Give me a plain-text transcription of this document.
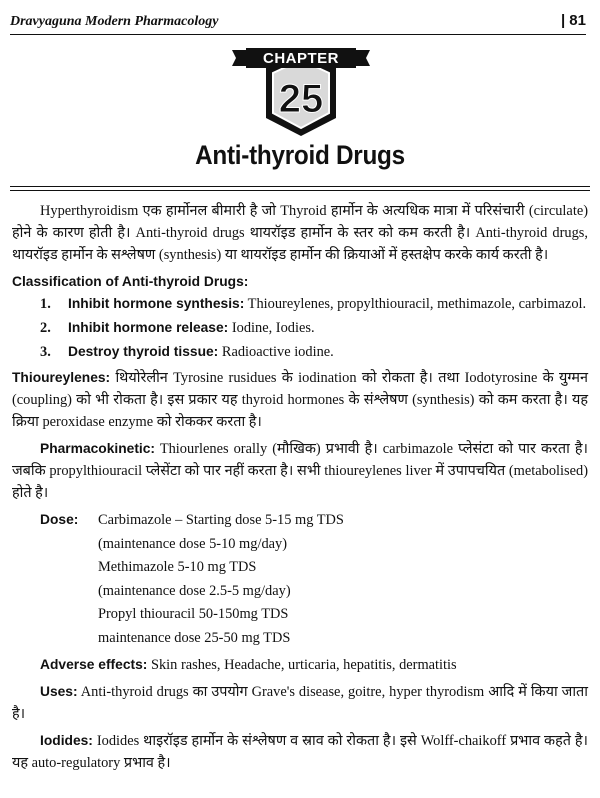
Dravyaguna Modern Pharmacology	| 81
CHAPTER
25
Anti-thyroid Drugs

Hyperthyroidism एक हार्मोनल बीमारी है जो Thyroid हार्मोन के अत्यधिक मात्रा में परिसंचारी (circulate) होने के कारण होती है। Anti-thyroid drugs थायरॉइड हार्मोन के स्तर को कम करती है। Anti-thyroid drugs, थायरॉइड हार्मोन के सश्लेषण (synthesis) या थायरॉइड हार्मोन की क्रियाओं में हस्तक्षेप करके कार्य करती है।

Classification of Anti-thyroid Drugs:
1. Inhibit hormone synthesis: Thioureylenes, propylthiouracil, methimazole, carbimazol.
2. Inhibit hormone release: Iodine, Iodies.
3. Destroy thyroid tissue: Radioactive iodine.

Thioureylenes: थियोरेलीन Tyrosine rusidues के iodination को रोकता है। तथा Iodotyrosine के युग्मन (coupling) को भी रोकता है। इस प्रकार यह thyroid hormones के संश्लेषण (synthesis) को कम करता है। यह क्रिया peroxidase enzyme को रोककर करता है।

Pharmacokinetic: Thiourlenes orally (मौखिक) प्रभावी है। carbimazole प्लेसंटा को पार करता है। जबकि propylthiouracil प्लेसेंटा को पार नहीं करता है। सभी thioureylenes liver में उपापचयित (metabolised) होते है।

Dose:	Carbimazole – Starting dose 5-15 mg TDS
(maintenance dose 5-10 mg/day)
Methimazole 5-10 mg TDS
(maintenance dose 2.5-5 mg/day)
Propyl thiouracil 50-150mg TDS
maintenance dose 25-50 mg TDS

Adverse effects: Skin rashes, Headache, urticaria, hepatitis, dermatitis

Uses: Anti-thyroid drugs का उपयोग Grave's disease, goitre, hyper thyrodism आदि में किया जाता है।

Iodides: Iodides थाइरॉइड हार्मोन के संश्लेषण व स्राव को रोकता है। इसे Wolff-chaikoff प्रभाव कहते है। यह auto-regulatory प्रभाव है।
